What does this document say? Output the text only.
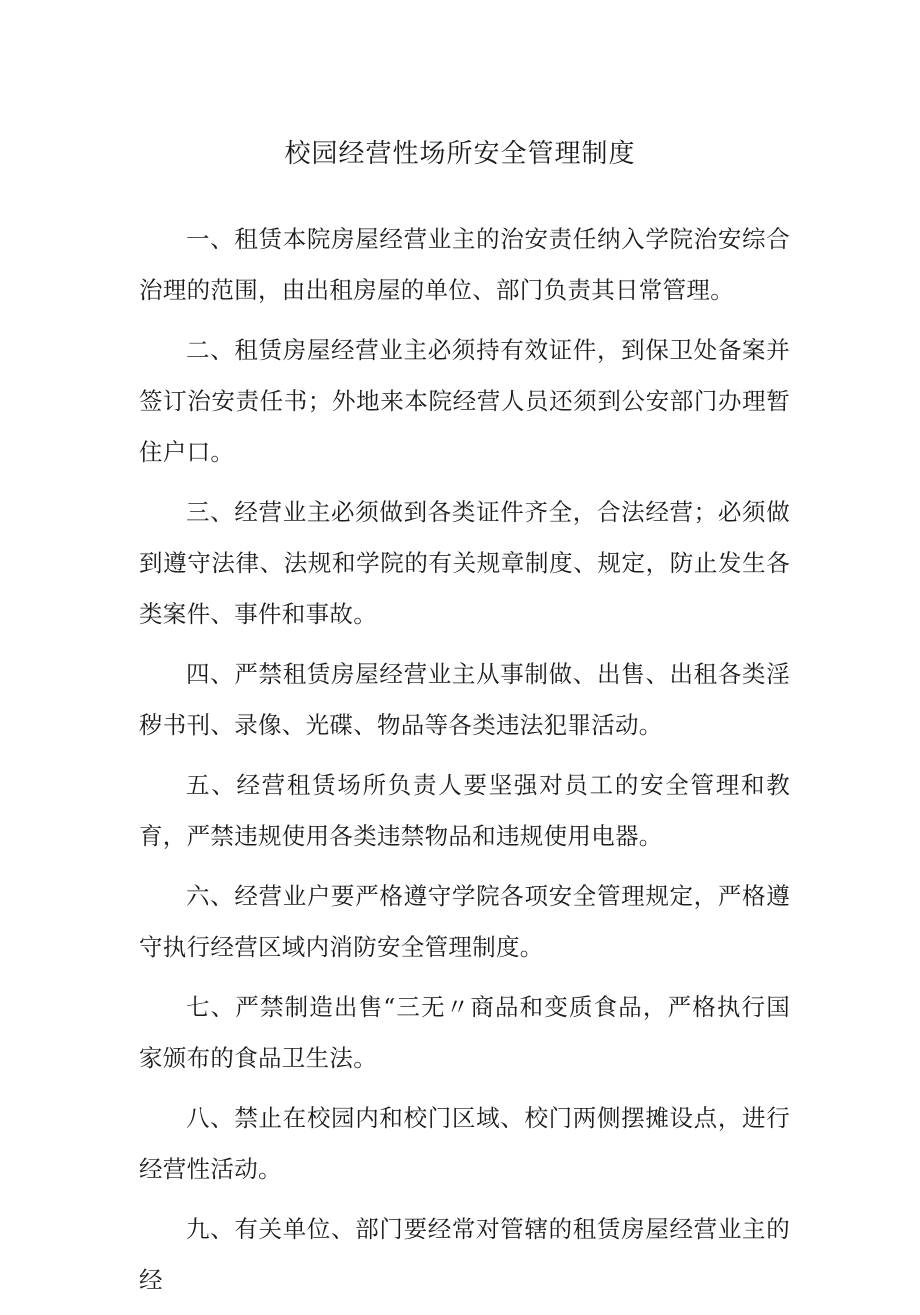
校园经营性场所安全管理制度

一、租赁本院房屋经营业主的治安责任纳入学院治安综合治理的范围，由出租房屋的单位、部门负责其日常管理。

二、租赁房屋经营业主必须持有效证件，到保卫处备案并签订治安责任书；外地来本院经营人员还须到公安部门办理暂住户口。

三、经营业主必须做到各类证件齐全，合法经营；必须做到遵守法律、法规和学院的有关规章制度、规定，防止发生各类案件、事件和事故。

四、严禁租赁房屋经营业主从事制做、出售、出租各类淫秽书刊、录像、光碟、物品等各类违法犯罪活动。

五、经营租赁场所负责人要坚强对员工的安全管理和教育，严禁违规使用各类违禁物品和违规使用电器。

六、经营业户要严格遵守学院各项安全管理规定，严格遵守执行经营区域内消防安全管理制度。

七、严禁制造出售“三无〃商品和变质食品，严格执行国家颁布的食品卫生法。

八、禁止在校园内和校门区域、校门两侧摆摊设点，进行经营性活动。

九、有关单位、部门要经常对管辖的租赁房屋经营业主的经
